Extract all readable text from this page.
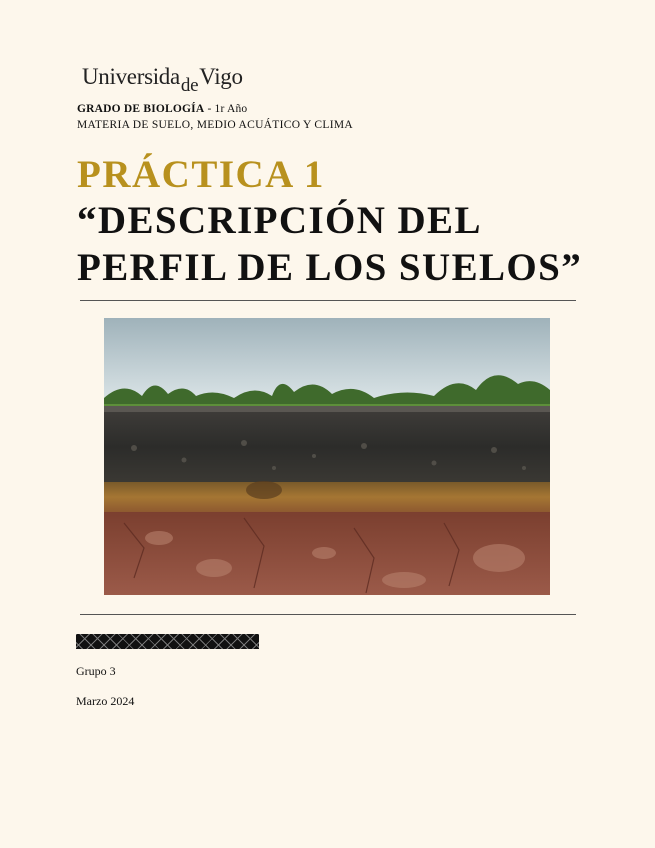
Universida$_{de}$Vigo
GRADO DE BIOLOGÍA - 1r Año
MATERIA DE SUELO, MEDIO ACUÁTICO Y CLIMA
PRÁCTICA 1
“DESCRIPCIÓN DEL
PERFIL DE LOS SUELOS”
Grupo 3
Marzo 2024
